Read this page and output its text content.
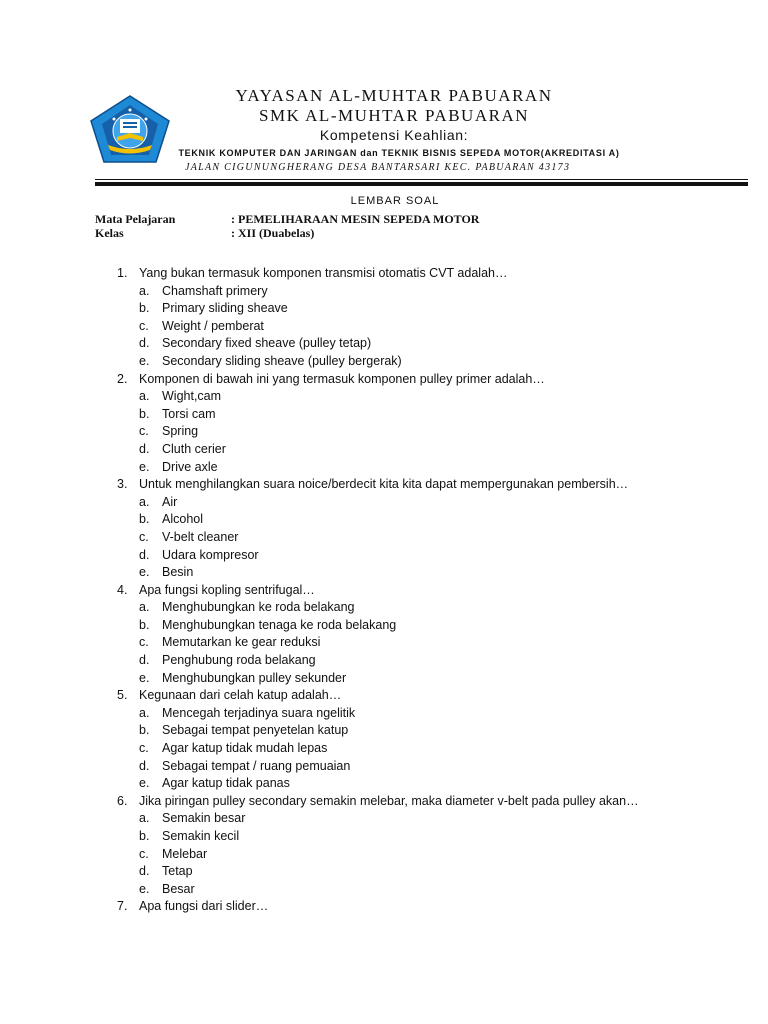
YAYASAN AL-MUHTAR PABUARAN
SMK AL-MUHTAR PABUARAN
Kompetensi Keahlian:
TEKNIK KOMPUTER DAN JARINGAN dan TEKNIK BISNIS SEPEDA MOTOR(AKREDITASI A)
JALAN CIGUNUNGHERANG DESA BANTARSARI KEC. PABUARAN 43173
LEMBAR SOAL
Mata Pelajaran	: PEMELIHARAAN MESIN SEPEDA MOTOR
Kelas	: XII (Duabelas)
1. Yang bukan termasuk komponen transmisi otomatis CVT adalah…
a. Chamshaft primery
b. Primary sliding sheave
c. Weight / pemberat
d. Secondary fixed sheave (pulley tetap)
e. Secondary sliding sheave (pulley bergerak)
2. Komponen di bawah ini yang termasuk komponen pulley primer adalah…
a. Wight,cam
b. Torsi cam
c. Spring
d. Cluth cerier
e. Drive axle
3. Untuk menghilangkan suara noice/berdecit kita kita dapat mempergunakan pembersih…
a. Air
b. Alcohol
c. V-belt cleaner
d. Udara kompresor
e. Besin
4. Apa fungsi kopling sentrifugal…
a. Menghubungkan ke roda belakang
b. Menghubungkan tenaga ke roda belakang
c. Memutarkan ke gear reduksi
d. Penghubung roda belakang
e. Menghubungkan pulley sekunder
5. Kegunaan dari celah katup adalah…
a. Mencegah terjadinya suara ngelitik
b. Sebagai tempat penyetelan katup
c. Agar katup tidak mudah lepas
d. Sebagai tempat / ruang pemuaian
e. Agar katup tidak panas
6. Jika piringan pulley secondary semakin melebar, maka diameter v-belt pada pulley akan…
a. Semakin besar
b. Semakin kecil
c. Melebar
d. Tetap
e. Besar
7. Apa fungsi dari slider…
